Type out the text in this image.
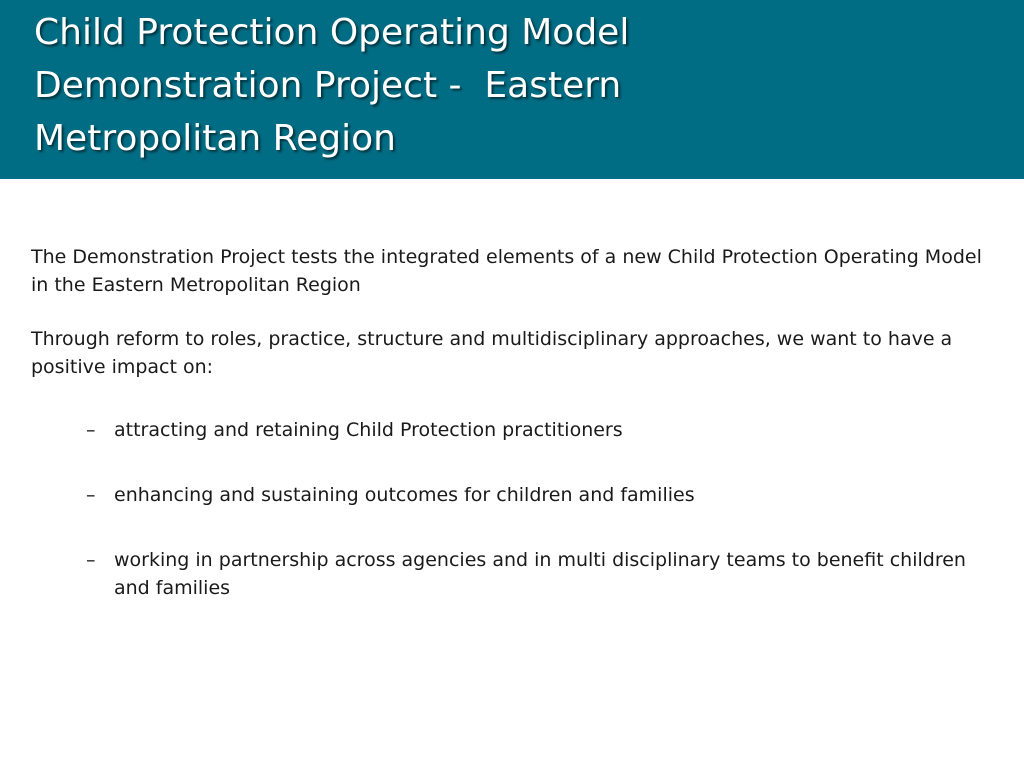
Child Protection Operating Model
Demonstration Project -  Eastern
Metropolitan Region

The Demonstration Project tests the integrated elements of a new Child Protection Operating Model in the Eastern Metropolitan Region

Through reform to roles, practice, structure and multidisciplinary approaches, we want to have a positive impact on:

– attracting and retaining Child Protection practitioners
– enhancing and sustaining outcomes for children and families
– working in partnership across agencies and in multi disciplinary teams to benefit children and families
